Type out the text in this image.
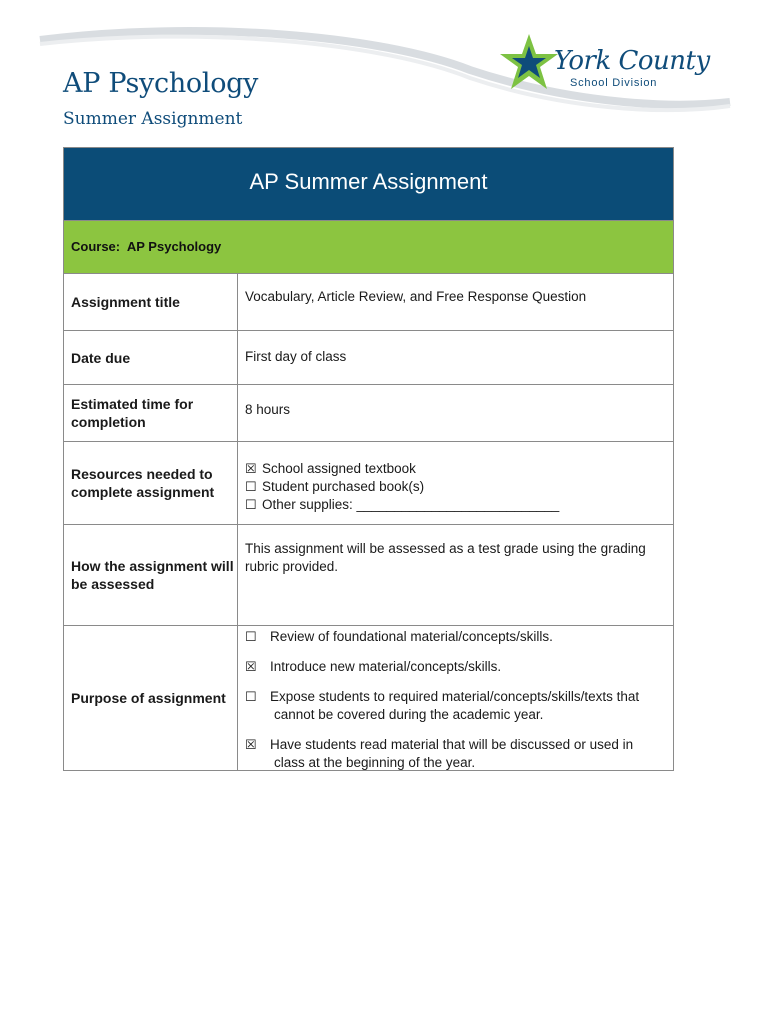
AP Psychology
Summer Assignment
York County
School Division
AP Summer Assignment
Course: AP Psychology
Assignment title	Vocabulary, Article Review, and Free Response Question
Date due	First day of class
Estimated time for completion
8 hours
Resources needed to complete assignment
☒ School assigned textbook
☐ Student purchased book(s)
☐ Other supplies: ___________________________
How the assignment will be assessed
This assignment will be assessed as a test grade using the grading rubric provided.
Purpose of assignment
☐ Review of foundational material/concepts/skills.
☒ Introduce new material/concepts/skills.
☐ Expose students to required material/concepts/skills/texts that
cannot be covered during the academic year.
☒ Have students read material that will be discussed or used in
class at the beginning of the year.
